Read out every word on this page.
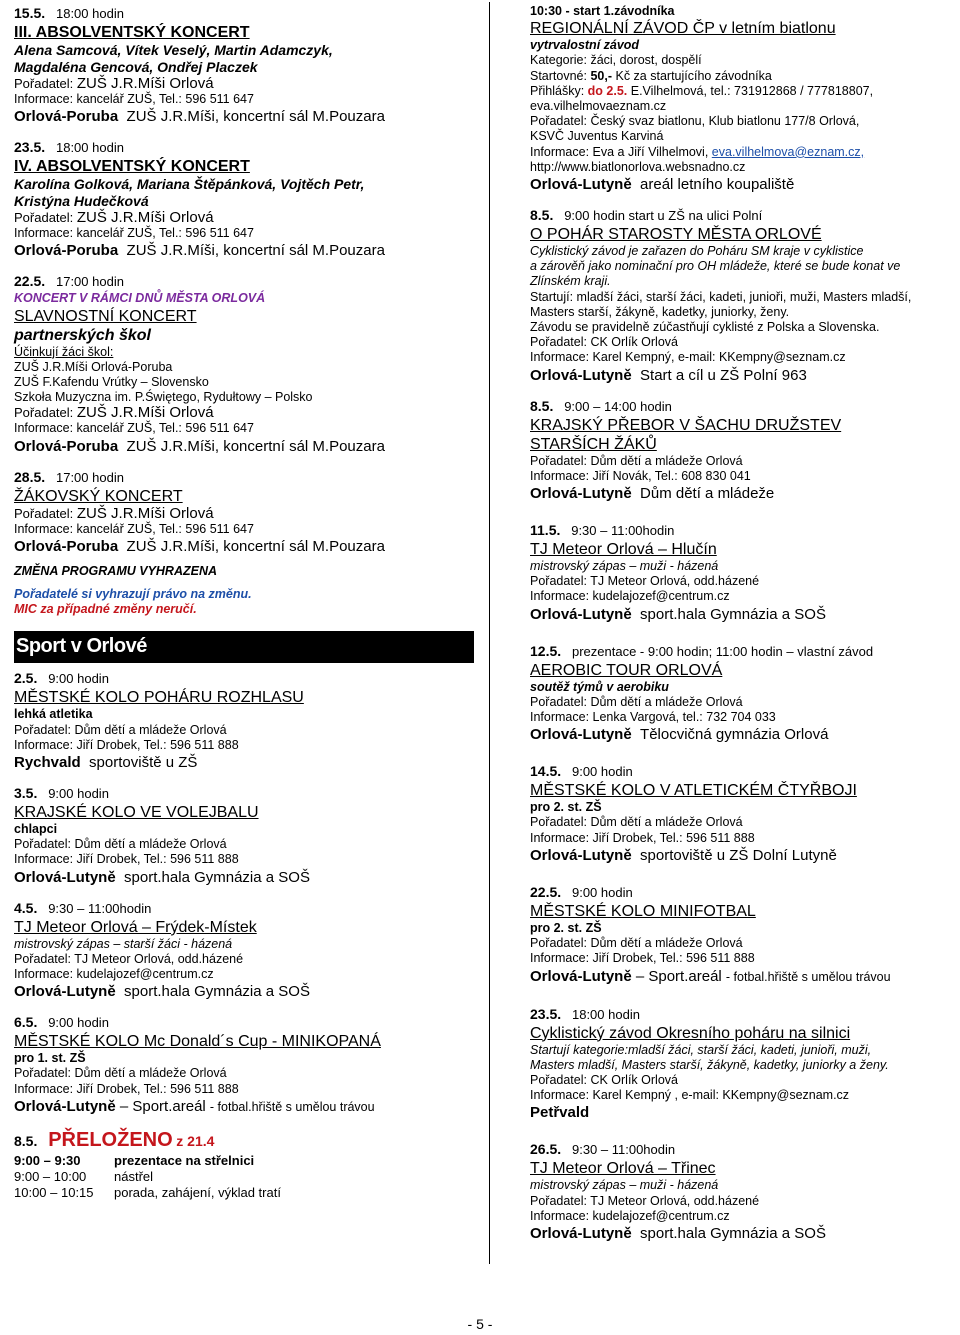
15.5. 18:00 hodin
III. ABSOLVENTSKÝ KONCERT
Alena Samcová, Vítek Veselý, Martin Adamczyk,
Magdaléna Gencová, Ondřej Placzek
Pořadatel: ZUŠ J.R.Míši Orlová
Informace: kancelář ZUŠ, Tel.: 596 511 647
Orlová-Poruba ZUŠ J.R.Míši, koncertní sál M.Pouzara
23.5. 18:00 hodin
IV. ABSOLVENTSKÝ KONCERT
Karolína Golková, Mariana Štěpánková, Vojtěch Petr,
Kristýna Hudečková
Pořadatel: ZUŠ J.R.Míši Orlová
Informace: kancelář ZUŠ, Tel.: 596 511 647
Orlová-Poruba ZUŠ J.R.Míši, koncertní sál M.Pouzara
22.5. 17:00 hodin
KONCERT V RÁMCI DNŮ MĚSTA ORLOVÁ
SLAVNOSTNÍ KONCERT
partnerských škol
Účinkují žáci škol:
ZUŠ J.R.Míši Orlová-Poruba
ZUŠ F.Kafendu Vrútky – Slovensko
Szkoła Muzyczna im. P.Świętego, Rydułtowy – Polsko
Pořadatel: ZUŠ J.R.Míši Orlová
Informace: kancelář ZUŠ, Tel.: 596 511 647
Orlová-Poruba ZUŠ J.R.Míši, koncertní sál M.Pouzara
28.5. 17:00 hodin
ŽÁKOVSKÝ KONCERT
Pořadatel: ZUŠ J.R.Míši Orlová
Informace: kancelář ZUŠ, Tel.: 596 511 647
Orlová-Poruba ZUŠ J.R.Míši, koncertní sál M.Pouzara
ZMĚNA PROGRAMU VYHRAZENA
Pořadatelé si vyhrazují právo na změnu.
MIC za případné změny neručí.
Sport v Orlové
2.5. 9:00 hodin
MĚSTSKÉ KOLO POHÁRU ROZHLASU
lehká atletika
Pořadatel: Dům dětí a mládeže Orlová
Informace: Jiří Drobek, Tel.: 596 511 888
Rychvald sportoviště u ZŠ
3.5. 9:00 hodin
KRAJSKÉ KOLO VE VOLEJBALU
chlapci
Pořadatel: Dům dětí a mládeže Orlová
Informace: Jiří Drobek, Tel.: 596 511 888
Orlová-Lutyně sport.hala Gymnázia a SOŠ
4.5. 9:30 – 11:00hodin
TJ Meteor Orlová – Frýdek-Místek
mistrovský zápas – starší žáci - házená
Pořadatel: TJ Meteor Orlová, odd.házené
Informace: kudelajozef@centrum.cz
Orlová-Lutyně sport.hala Gymnázia a SOŠ
6.5. 9:00 hodin
MĚSTSKÉ KOLO Mc Donald´s Cup - MINIKOPANÁ
pro 1. st. ZŠ
Pořadatel: Dům dětí a mládeže Orlová
Informace: Jiří Drobek, Tel.: 596 511 888
Orlová-Lutyně – Sport.areál - fotbal.hřiště s umělou trávou
8.5. PŘELOŽENO z 21.4
9:00 – 9:30	prezentace na střelnici
9:00 – 10:00	nástřel
10:00 – 10:15	porada, zahájení, výklad tratí
10:30 - start 1.závodníka
REGIONÁLNÍ ZÁVOD ČP v letním biatlonu
vytrvalostní závod
Kategorie: žáci, dorost, dospělí
Startovné: 50,- Kč za startujícího závodníka
Přihlášky: do 2.5. E.Vilhelmová, tel.: 731912868 / 777818807,
eva.vilhelmovaeznam.cz
Pořadatel: Český svaz biatlonu, Klub biatlonu 177/8 Orlová,
KSVČ Juventus Karviná
Informace: Eva a Jiří Vilhelmovi, eva.vilhelmova@eznam.cz,
http://www.biatlonorlova.websnadno.cz
Orlová-Lutyně areál letního koupaliště
8.5. 9:00 hodin start u ZŠ na ulici Polní
O POHÁR STAROSTY MĚSTA ORLOVÉ
Cyklistický závod je zařazen do Poháru SM kraje v cyklistice
a zárověň jako nominační pro OH mládeže, které se bude konat ve
Zlínském kraji.
Startují: mladší žáci, starší žáci, kadeti, junioři, muži, Masters mladší,
Masters starší, žákyně, kadetky, juniorky, ženy.
Závodu se pravidelně zúčastňují cyklisté z Polska a Slovenska.
Pořadatel: CK Orlík Orlová
Informace: Karel Kempný, e-mail: KKempny@seznam.cz
Orlová-Lutyně Start a cíl u ZŠ Polní 963
8.5. 9:00 – 14:00 hodin
KRAJSKÝ PŘEBOR V ŠACHU DRUŽSTEV
STARŠÍCH ŽÁKŮ
Pořadatel: Dům dětí a mládeže Orlová
Informace: Jiří Novák, Tel.: 608 830 041
Orlová-Lutyně Dům dětí a mládeže
11.5. 9:30 – 11:00hodin
TJ Meteor Orlová – Hlučín
mistrovský zápas – muži - házená
Pořadatel: TJ Meteor Orlová, odd.házené
Informace: kudelajozef@centrum.cz
Orlová-Lutyně sport.hala Gymnázia a SOŠ
12.5. prezentace - 9:00 hodin; 11:00 hodin – vlastní závod
AEROBIC TOUR ORLOVÁ
soutěž týmů v aerobiku
Pořadatel: Dům dětí a mládeže Orlová
Informace: Lenka Vargová, tel.: 732 704 033
Orlová-Lutyně Tělocvičná gymnázia Orlová
14.5. 9:00 hodin
MĚSTSKÉ KOLO V ATLETICKÉM ČTYŘBOJI
pro 2. st. ZŠ
Pořadatel: Dům dětí a mládeže Orlová
Informace: Jiří Drobek, Tel.: 596 511 888
Orlová-Lutyně sportoviště u ZŠ Dolní Lutyně
22.5. 9:00 hodin
MĚSTSKÉ KOLO MINIFOTBAL
pro 2. st. ZŠ
Pořadatel: Dům dětí a mládeže Orlová
Informace: Jiří Drobek, Tel.: 596 511 888
Orlová-Lutyně – Sport.areál - fotbal.hřiště s umělou trávou
23.5. 18:00 hodin
Cyklistický závod Okresního poháru na silnici
Startují kategorie:mladší žáci, starší žáci, kadeti, junioři, muži,
Masters mladší, Masters starší, žákyně, kadetky, juniorky a ženy.
Pořadatel: CK Orlík Orlová
Informace: Karel Kempný , e-mail: KKempny@seznam.cz
Petřvald
26.5. 9:30 – 11:00hodin
TJ Meteor Orlová – Třinec
mistrovský zápas – muži - házená
Pořadatel: TJ Meteor Orlová, odd.házené
Informace: kudelajozef@centrum.cz
Orlová-Lutyně sport.hala Gymnázia a SOŠ
- 5 -
